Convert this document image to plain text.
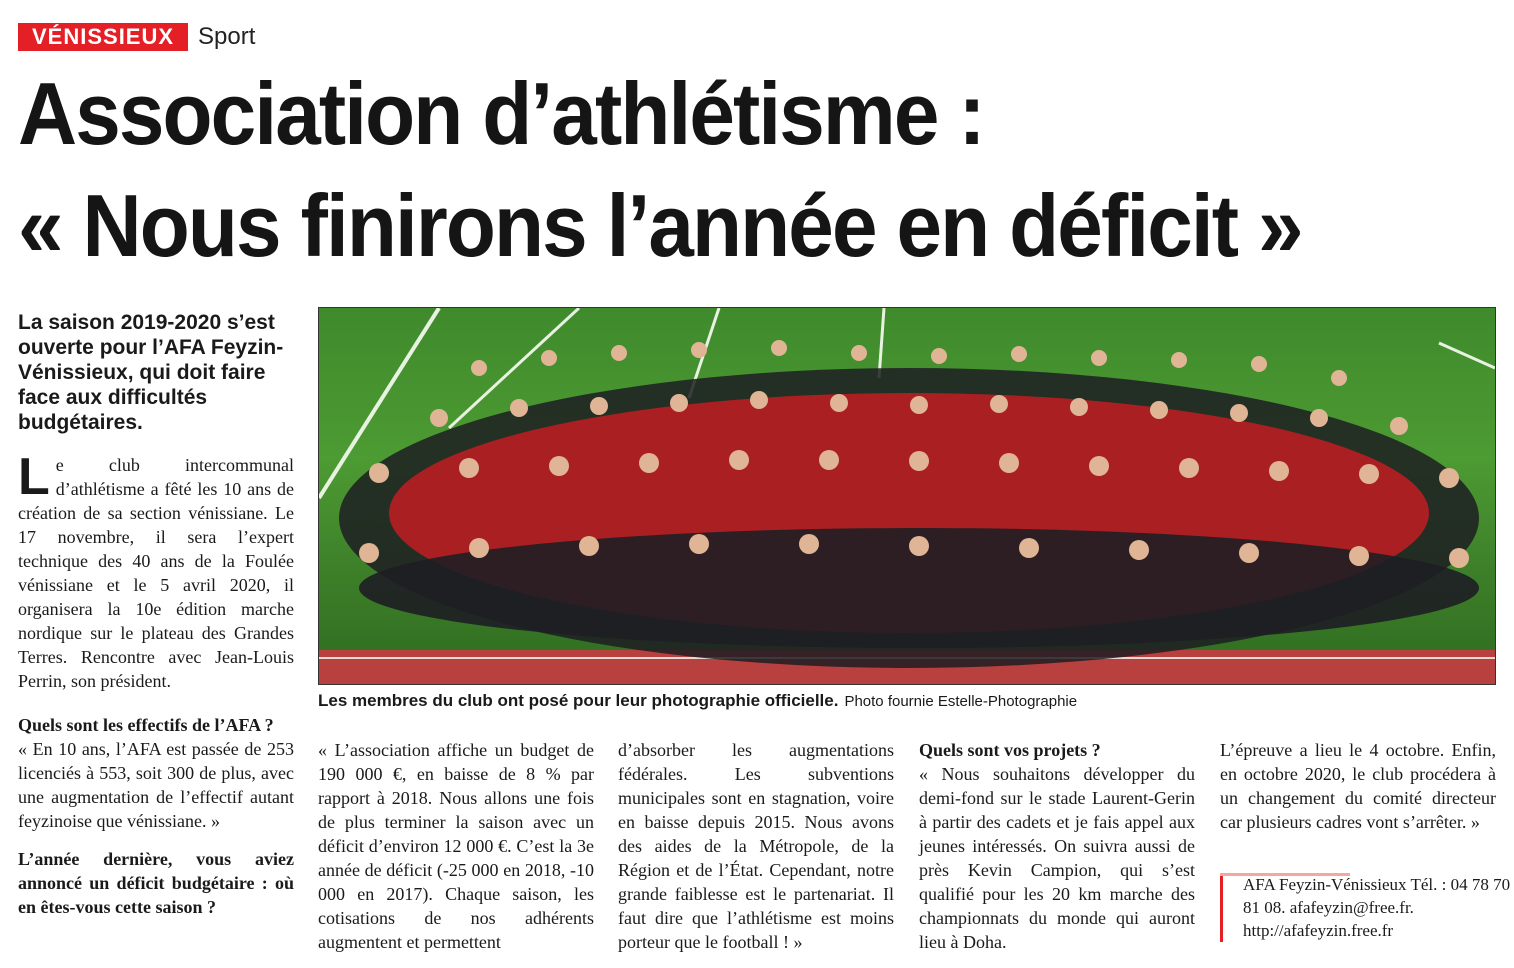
VÉNISSIEUX	Sport
Association d’athlétisme :
« Nous finirons l’année en déficit »

La saison 2019-2020 s’est ouverte pour l’AFA Feyzin-Vénissieux, qui doit faire face aux difficultés budgétaires.

Le club intercommunal d’athlétisme a fêté les 10 ans de création de sa section vénissiane. Le 17 novembre, il sera l’expert technique des 40 ans de la Foulée vénissiane et le 5 avril 2020, il organisera la 10e édition marche nordique sur le plateau des Grandes Terres. Rencontre avec Jean-Louis Perrin, son président.

Quels sont les effectifs de l’AFA ?

« En 10 ans, l’AFA est passée de 253 licenciés à 553, soit 300 de plus, avec une augmentation de l’effectif autant feyzinoise que vénissiane. »

L’année dernière, vous aviez annoncé un déficit budgétaire : où en êtes-vous cette saison ?

Les membres du club ont posé pour leur photographie officielle. Photo fournie Estelle-Photographie

« L’association affiche un budget de 190 000 €, en baisse de 8 % par rapport à 2018. Nous allons une fois de plus terminer la saison avec un déficit d’environ 12 000 €. C’est la 3e année de déficit (-25 000 en 2018, -10 000 en 2017). Chaque saison, les cotisations de nos adhérents augmentent et permettent

d’absorber les augmentations fédérales. Les subventions municipales sont en stagnation, voire en baisse depuis 2015. Nous avons des aides de la Métropole, de la Région et de l’État. Cependant, notre grande faiblesse est le partenariat. Il faut dire que l’athlétisme est moins porteur que le football ! »

Quels sont vos projets ?

« Nous souhaitons développer du demi-fond sur le stade Laurent-Gerin à partir des cadets et je fais appel aux jeunes intéressés. On suivra aussi de près Kevin Campion, qui s’est qualifié pour les 20 km marche des championnats du monde qui auront lieu à Doha.

L’épreuve a lieu le 4 octobre. Enfin, en octobre 2020, le club procédera à un changement du comité directeur car plusieurs cadres vont s’arrêter. »

AFA Feyzin-Vénissieux Tél. : 04 78 70 81 08. afafeyzin@free.fr. http://afafeyzin.free.fr
